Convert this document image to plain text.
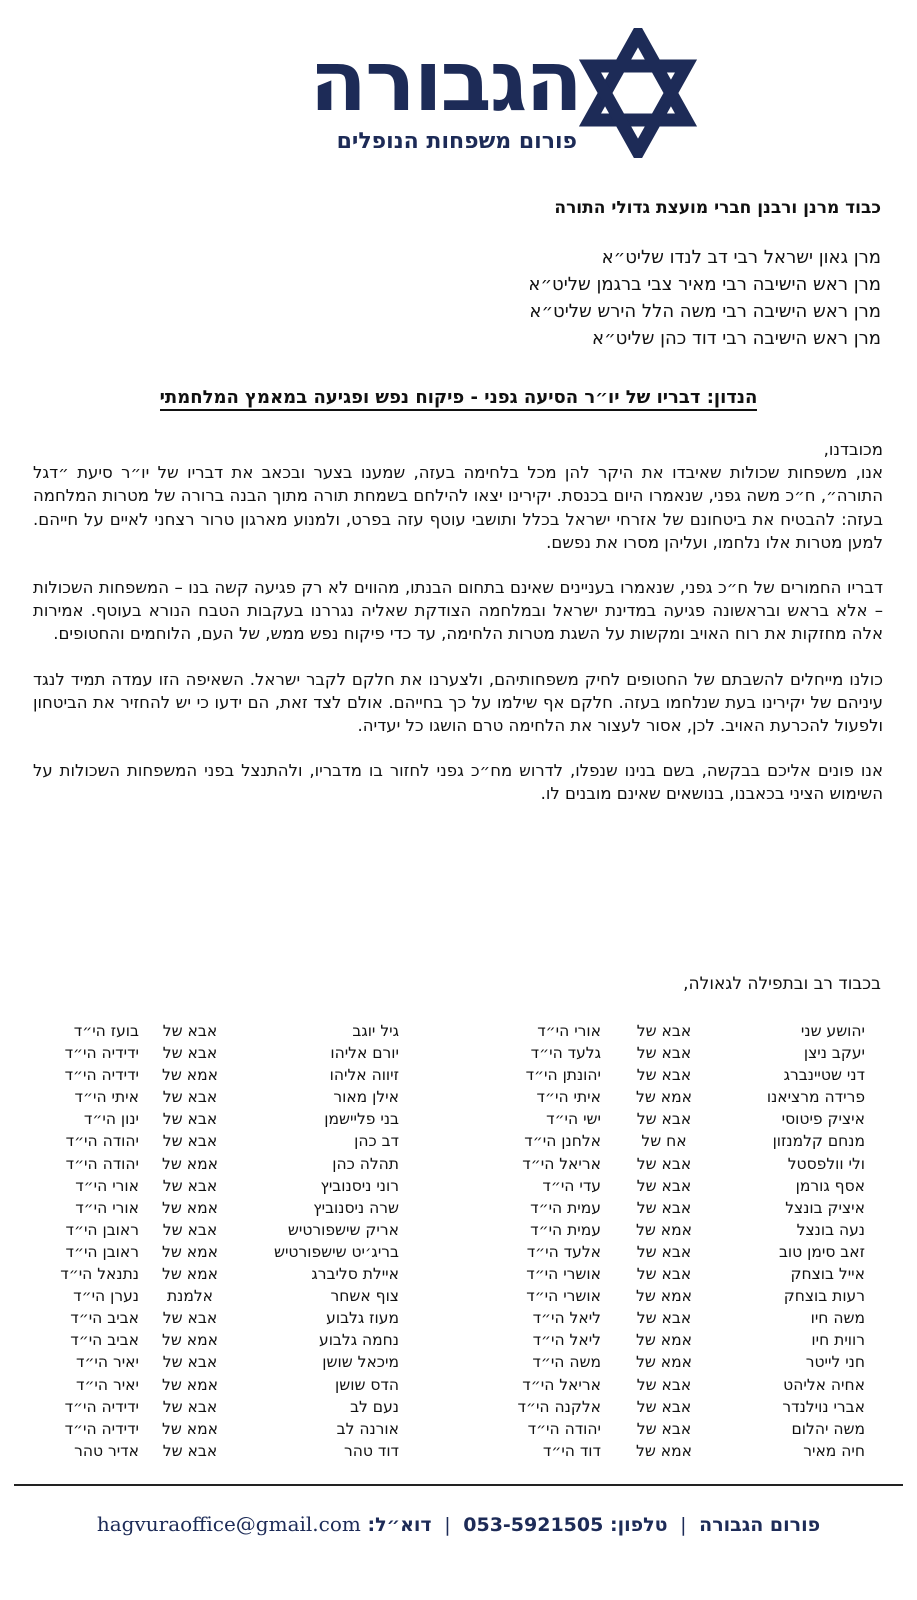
הגבורה
פורום משפחות הנופלים
כבוד מרנן ורבנן חברי מועצת גדולי התורה
מרן גאון ישראל רבי דב לנדו שליט״א
מרן ראש הישיבה רבי מאיר צבי ברגמן שליט״א
מרן ראש הישיבה רבי משה הלל הירש שליט״א
מרן ראש הישיבה רבי דוד כהן שליט״א
הנדון: דבריו של יו״ר הסיעה גפני - פיקוח נפש ופגיעה במאמץ המלחמתי

מכובדנו,

אנו, משפחות שכולות שאיבדו את היקר להן מכל בלחימה בעזה, שמענו בצער ובכאב את דבריו של יו״ר סיעת ״דגל התורה״, ח״כ משה גפני, שנאמרו היום בכנסת. יקירינו יצאו להילחם בשמחת תורה מתוך הבנה ברורה של מטרות המלחמה בעזה: להבטיח את ביטחונם של אזרחי ישראל בכלל ותושבי עוטף עזה בפרט, ולמנוע מארגון טרור רצחני לאיים על חייהם. למען מטרות אלו נלחמו, ועליהן מסרו את נפשם.

דבריו החמורים של ח״כ גפני, שנאמרו בעניינים שאינם בתחום הבנתו, מהווים לא רק פגיעה קשה בנו – המשפחות השכולות – אלא בראש ובראשונה פגיעה במדינת ישראל ובמלחמה הצודקת שאליה נגררנו בעקבות הטבח הנורא בעוטף. אמירות אלה מחזקות את רוח האויב ומקשות על השגת מטרות הלחימה, עד כדי פיקוח נפש ממש, של העם, הלוחמים והחטופים.

כולנו מייחלים להשבתם של החטופים לחיק משפחותיהם, ולצערנו את חלקם לקבר ישראל. השאיפה הזו עמדה תמיד לנגד עיניהם של יקירינו בעת שנלחמו בעזה. חלקם אף שילמו על כך בחייהם. אולם לצד זאת, הם ידעו כי יש להחזיר את הביטחון ולפעול להכרעת האויב. לכן, אסור לעצור את הלחימה טרם הושגו כל יעדיה.

אנו פונים אליכם בבקשה, בשם בנינו שנפלו, לדרוש מח״כ גפני לחזור בו מדבריו, ולהתנצל בפני המשפחות השכולות על השימוש הציני בכאבנו, בנושאים שאינם מובנים לו.

בכבוד רב ובתפילה לגאולה,
יהושע שני
יעקב ניצן
דני שטיינברג
פרידה מרציאנו
איציק פיטוסי
מנחם קלמנזון
ולי וולפסטל
אסף גורמן
איציק בונצל
נעה בונצל
זאב סימן טוב
אייל בוצחק
רעות בוצחק
משה חיו
רווית חיו
חני לייטר
אחיה אליהט
אברי נוילנדר
משה יהלום
חיה מאיר
אבא של
אבא של
אבא של
אמא של
אבא של
אח של
אבא של
אבא של
אבא של
אמא של
אבא של
אבא של
אמא של
אבא של
אמא של
אמא של
אבא של
אבא של
אבא של
אמא של
אורי הי״ד
גלעד הי״ד
יהונתן הי״ד
איתי הי״ד
ישי הי״ד
אלחנן הי״ד
אריאל הי״ד
עדי הי״ד
עמית הי״ד
עמית הי״ד
אלעד הי״ד
אושרי הי״ד
אושרי הי״ד
ליאל הי״ד
ליאל הי״ד
משה הי״ד
אריאל הי״ד
אלקנה הי״ד
יהודה הי״ד
דוד הי״ד
גיל יוגב
יורם אליהו
זיווה אליהו
אילן מאור
בני פליישמן
דב כהן
תהלה כהן
רוני ניסנוביץ
שרה ניסנוביץ
אריק שישפורטיש
בריג׳יט שישפורטיש
איילת סליברג
צוף אשחר
מעוז גלבוע
נחמה גלבוע
מיכאל שושן
הדס שושן
נעם לב
אורנה לב
דוד טהר
אבא של
אבא של
אמא של
אבא של
אבא של
אבא של
אמא של
אבא של
אמא של
אבא של
אמא של
אמא של
אלמנת
אבא של
אמא של
אבא של
אמא של
אבא של
אמא של
אבא של
בועז הי״ד
ידידיה הי״ד
ידידיה הי״ד
איתי הי״ד
ינון הי״ד
יהודה הי״ד
יהודה הי״ד
אורי הי״ד
אורי הי״ד
ראובן הי״ד
ראובן הי״ד
נתנאל הי״ד
נערן הי״ד
אביב הי״ד
אביב הי״ד
יאיר הי״ד
יאיר הי״ד
ידידיה הי״ד
ידידיה הי״ד
אדיר טהר
פורום הגבורה | טלפון: 053-5921505 | דוא״ל: hagvuraoffice@gmail.com
